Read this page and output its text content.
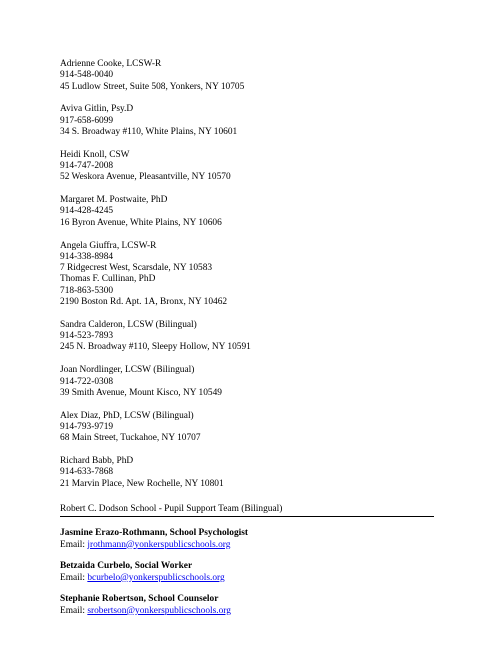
Adrienne Cooke, LCSW-R
914-548-0040
45 Ludlow Street, Suite 508, Yonkers, NY 10705
Aviva Gitlin, Psy.D
917-658-6099
34 S. Broadway #110, White Plains, NY 10601
Heidi Knoll, CSW
914-747-2008
52 Weskora Avenue, Pleasantville, NY 10570
Margaret M. Postwaite, PhD
914-428-4245
16 Byron Avenue, White Plains, NY 10606
Angela Giuffra, LCSW-R
914-338-8984
7 Ridgecrest West, Scarsdale, NY 10583
Thomas F. Cullinan, PhD
718-863-5300
2190 Boston Rd. Apt. 1A, Bronx, NY 10462
Sandra Calderon, LCSW (Bilingual)
914-523-7893
245 N. Broadway #110, Sleepy Hollow, NY 10591
Joan Nordlinger, LCSW (Bilingual)
914-722-0308
39 Smith Avenue, Mount Kisco, NY 10549
Alex Diaz, PhD, LCSW (Bilingual)
914-793-9719
68 Main Street, Tuckahoe, NY 10707
Richard Babb, PhD
914-633-7868
21 Marvin Place, New Rochelle, NY 10801
Robert C. Dodson School - Pupil Support Team (Bilingual)
Jasmine Erazo-Rothmann, School Psychologist
Email: jrothmann@yonkerspublicschools.org
Betzaida Curbelo, Social Worker
Email: bcurbelo@yonkerspublicschools.org
Stephanie Robertson, School Counselor
Email: srobertson@yonkerspublicschools.org
